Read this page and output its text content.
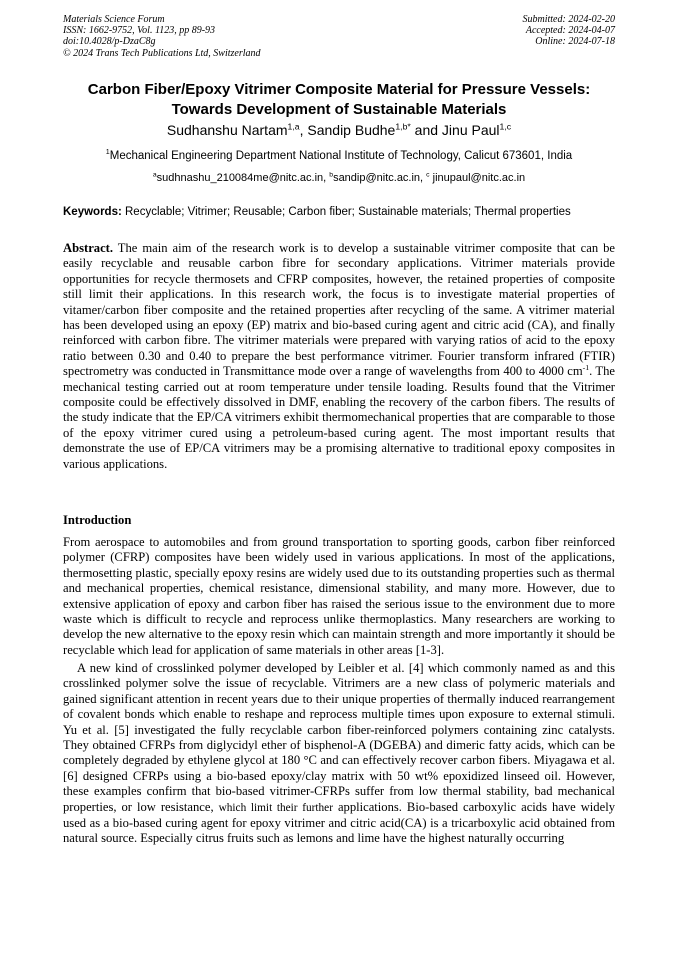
Materials Science Forum
ISSN: 1662-9752, Vol. 1123, pp 89-93
doi:10.4028/p-DzaC8g
© 2024 Trans Tech Publications Ltd, Switzerland
Submitted: 2024-02-20
Accepted: 2024-04-07
Online: 2024-07-18
Carbon Fiber/Epoxy Vitrimer Composite Material for Pressure Vessels:
Towards Development of Sustainable Materials
Sudhanshu Nartam$^{1,a}$, Sandip Budhe$^{1,b*}$ and Jinu Paul$^{1,c}$
$^1$Mechanical Engineering Department National Institute of Technology, Calicut 673601, India
$^a$sudhnashu_210084me@nitc.ac.in, $^b$sandip@nitc.ac.in, $^c$ jinupaul@nitc.ac.in
Keywords: Recyclable; Vitrimer; Reusable; Carbon fiber; Sustainable materials; Thermal properties
Abstract. The main aim of the research work is to develop a sustainable vitrimer composite that can be easily recyclable and reusable carbon fibre for secondary applications. Vitrimer materials provide opportunities for recycle thermosets and CFRP composites, however, the retained properties of composite still limit their applications. In this research work, the focus is to investigate material properties of vitamer/carbon fiber composite and the retained properties after recycling of the same. A vitrimer material has been developed using an epoxy (EP) matrix and bio-based curing agent and citric acid (CA), and finally reinforced with carbon fibre. The vitrimer materials were prepared with varying ratios of acid to the epoxy ratio between 0.30 and 0.40 to prepare the best performance vitrimer. Fourier transform infrared (FTIR) spectrometry was conducted in Transmittance mode over a range of wavelengths from 400 to 4000 $cm^{-1}$. The mechanical testing carried out at room temperature under tensile loading. Results found that the Vitrimer composite could be effectively dissolved in DMF, enabling the recovery of the carbon fibers. The results of the study indicate that the EP/CA vitrimers exhibit thermomechanical properties that are comparable to those of the epoxy vitrimer cured using a petroleum-based curing agent. The most important results that demonstrate the use of EP/CA vitrimers may be a promising alternative to traditional epoxy composites in various applications.
Introduction
From aerospace to automobiles and from ground transportation to sporting goods, carbon fiber reinforced polymer (CFRP) composites have been widely used in various applications. In most of the applications, thermosetting plastic, specially epoxy resins are widely used due to its outstanding properties such as thermal and mechanical properties, chemical resistance, dimensional stability, and many more. However, due to extensive application of epoxy and carbon fiber has raised the serious issue to the environment due to more waste which is difficult to recycle and reprocess unlike thermoplastics. Many researchers are working to develop the new alternative to the epoxy resin which can maintain strength and more importantly it should be recyclable which lead for application of same materials in other areas [1-3].
A new kind of crosslinked polymer developed by Leibler et al. [4] which commonly named as and this crosslinked polymer solve the issue of recyclable. Vitrimers are a new class of polymeric materials and gained significant attention in recent years due to their unique properties of thermally induced rearrangement of covalent bonds which enable to reshape and reprocess multiple times upon exposure to external stimuli. Yu et al. [5] investigated the fully recyclable carbon fiber-reinforced polymers containing zinc catalysts. They obtained CFRPs from diglycidyl ether of bisphenol-A (DGEBA) and dimeric fatty acids, which can be completely degraded by ethylene glycol at 180 °C and can effectively recover carbon fibers. Miyagawa et al. [6] designed CFRPs using a bio-based epoxy/clay matrix with 50 wt% epoxidized linseed oil. However, these examples confirm that bio-based vitrimer-CFRPs suffer from low thermal stability, bad mechanical properties, or low resistance, which limit their further applications. Bio-based carboxylic acids have widely used as a bio-based curing agent for epoxy vitrimer and citric acid(CA) is a tricarboxylic acid obtained from natural source. Especially citrus fruits such as lemons and lime have the highest naturally occurring
